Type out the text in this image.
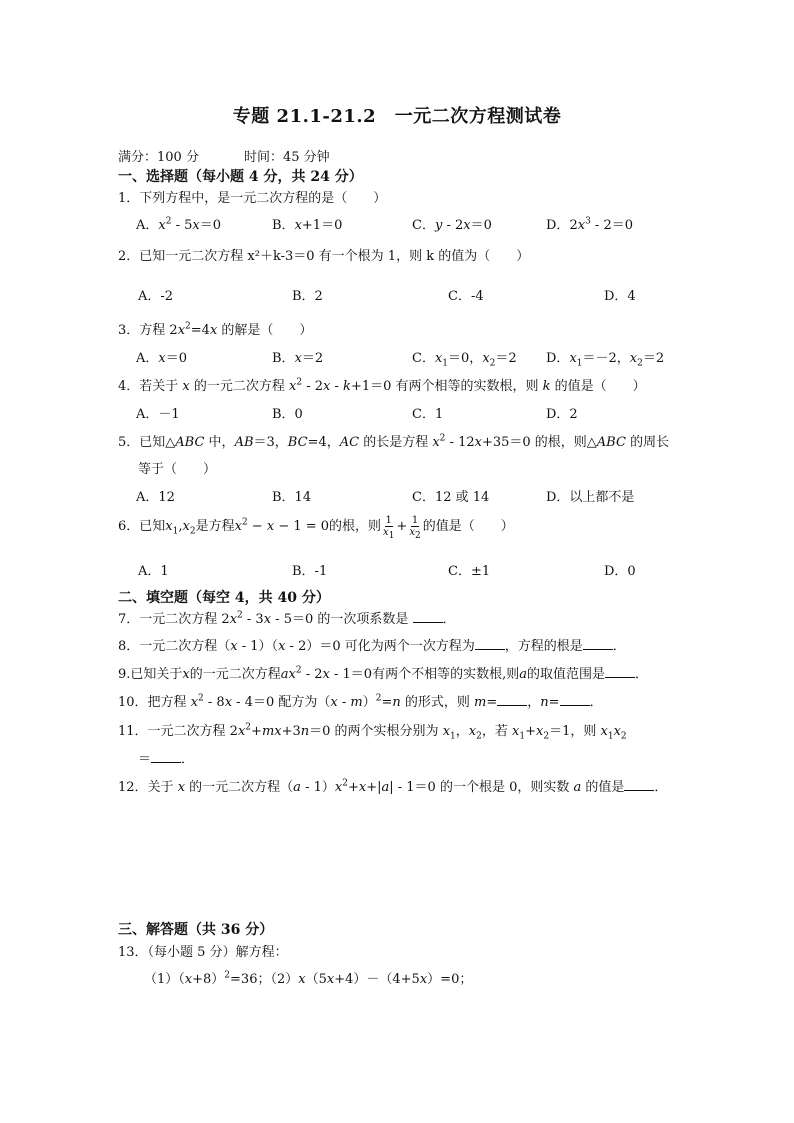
专题 21.1-21.2　一元二次方程测试卷
满分：100 分	时间：45 分钟
一、选择题（每小题 4 分，共 24 分）
1．下列方程中，是一元二次方程的是（　　）
A．$x^2 - 5x=0$	B．x+1＝0	C．y - 2x＝0	D．$2x^3 - 2=0$
2．已知一元二次方程 x²＋k-3＝0 有一个根为 1，则 k 的值为（　　）
A．-2	B．2	C．-4	D．4
3．方程 $2x^2=4x$ 的解是（　　）
A．x＝0	B．x＝2	C．$x_1=0$，$x_2=2$ D．$x_1=-2$，$x_2=2$
4．若关于 x 的一元二次方程 $x^2 - 2x - k+1=0$ 有两个相等的实数根，则 k 的值是（　　）
A．－1	B．0	C．1	D．2
5．已知△ABC 中，AB＝3，BC=4，AC 的长是方程 $x^2 - 12x+35=0$ 的根，则△ABC 的周长
等于（　　）
A．12	B．14	C．12 或 14	D．以上都不是
6．已知$x_1,x_2$是方程$x^2 - x - 1 = 0$的根，则 $\frac{1}{x_1} + \frac{1}{x_2}$ 的值是（　　）
A．1	B．-1	C．±1	D．0
二、填空题（每空 4，共 40 分）
7．一元二次方程 $2x^2 - 3x - 5=0$ 的一次项系数是 ．
8．一元二次方程（x - 1）（x - 2）＝0 可化为两个一次方程为 ，方程的根是 ．
9.已知关于x的一元二次方程$ax^2 - 2x - 1=0$有两个不相等的实数根,则a的取值范围是 ．
10．把方程 $x^2 - 8x - 4=0$ 配方为（x - m）$^2$=n 的形式，则 m= ，n= ．
11．一元二次方程 $2x^2+mx+3n=0$ 的两个实根分别为 $x_1$，$x_2$，若 $x_1+x_2=1$，则 $x_1x_2$
＝ ．
12．关于 x 的一元二次方程$(a - 1)x^2+x+|a| - 1=0$ 的一个根是 0，则实数 a 的值是 ．
三、解答题（共 36 分）
13．（每小题 5 分）解方程：
$(1)(x+8)^2=36$；（2）x（5x+4）－（4+5x）=0；
